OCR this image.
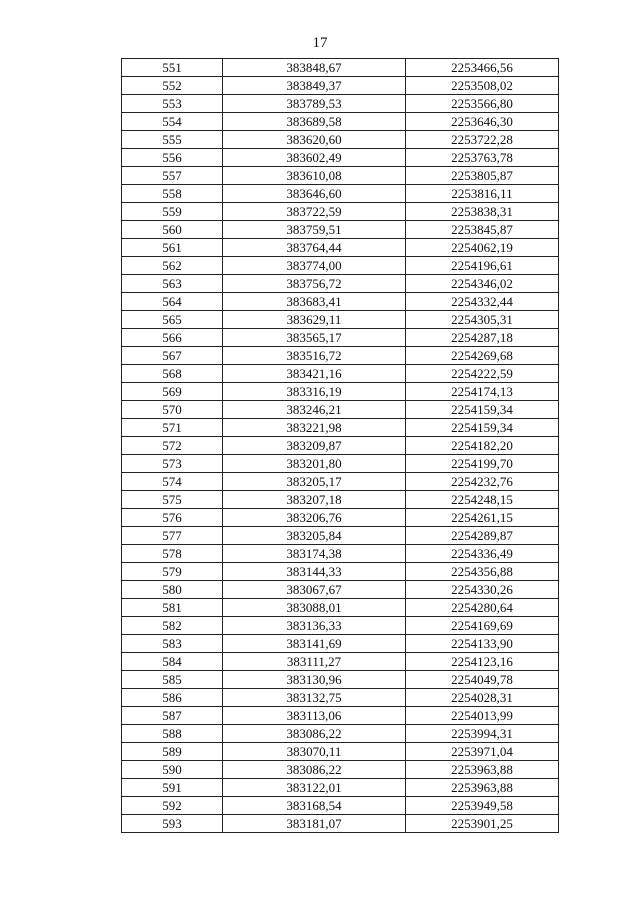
17
551	383848,67	2253466,56
552	383849,37	2253508,02
553	383789,53	2253566,80
554	383689,58	2253646,30
555	383620,60	2253722,28
556	383602,49	2253763,78
557	383610,08	2253805,87
558	383646,60	2253816,11
559	383722,59	2253838,31
560	383759,51	2253845,87
561	383764,44	2254062,19
562	383774,00	2254196,61
563	383756,72	2254346,02
564	383683,41	2254332,44
565	383629,11	2254305,31
566	383565,17	2254287,18
567	383516,72	2254269,68
568	383421,16	2254222,59
569	383316,19	2254174,13
570	383246,21	2254159,34
571	383221,98	2254159,34
572	383209,87	2254182,20
573	383201,80	2254199,70
574	383205,17	2254232,76
575	383207,18	2254248,15
576	383206,76	2254261,15
577	383205,84	2254289,87
578	383174,38	2254336,49
579	383144,33	2254356,88
580	383067,67	2254330,26
581	383088,01	2254280,64
582	383136,33	2254169,69
583	383141,69	2254133,90
584	383111,27	2254123,16
585	383130,96	2254049,78
586	383132,75	2254028,31
587	383113,06	2254013,99
588	383086,22	2253994,31
589	383070,11	2253971,04
590	383086,22	2253963,88
591	383122,01	2253963,88
592	383168,54	2253949,58
593	383181,07	2253901,25
